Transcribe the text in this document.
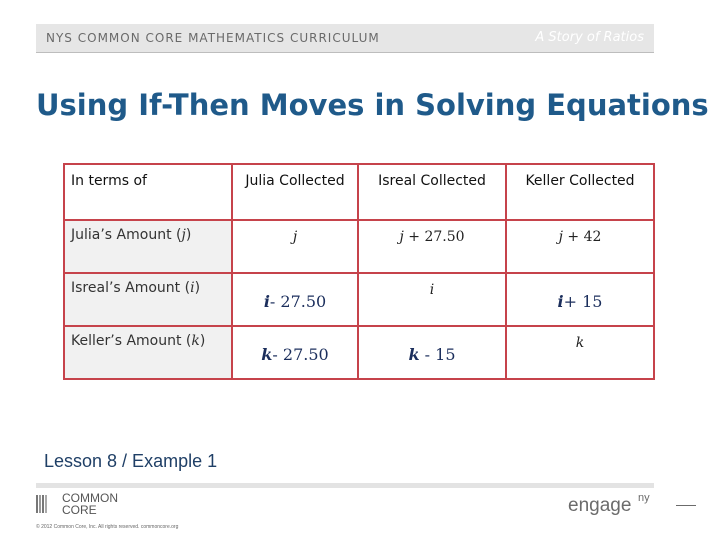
NYS COMMON CORE MATHEMATICS CURRICULUM	A Story of Ratios
Using If-Then Moves in Solving Equations
In terms of	Julia Collected	Isreal Collected	Keller Collected
Julia’s Amount (j)	j	j + 27.50	j + 42

Isreal’s Amount (i)	i- 27.50	i	i+ 15

Keller’s Amount (k)	k- 27.50	k - 15	k
Lesson 8 / Example 1
COMMON
CORE
© 2012 Common Core, Inc. All rights reserved. commoncore.org
engage ny
